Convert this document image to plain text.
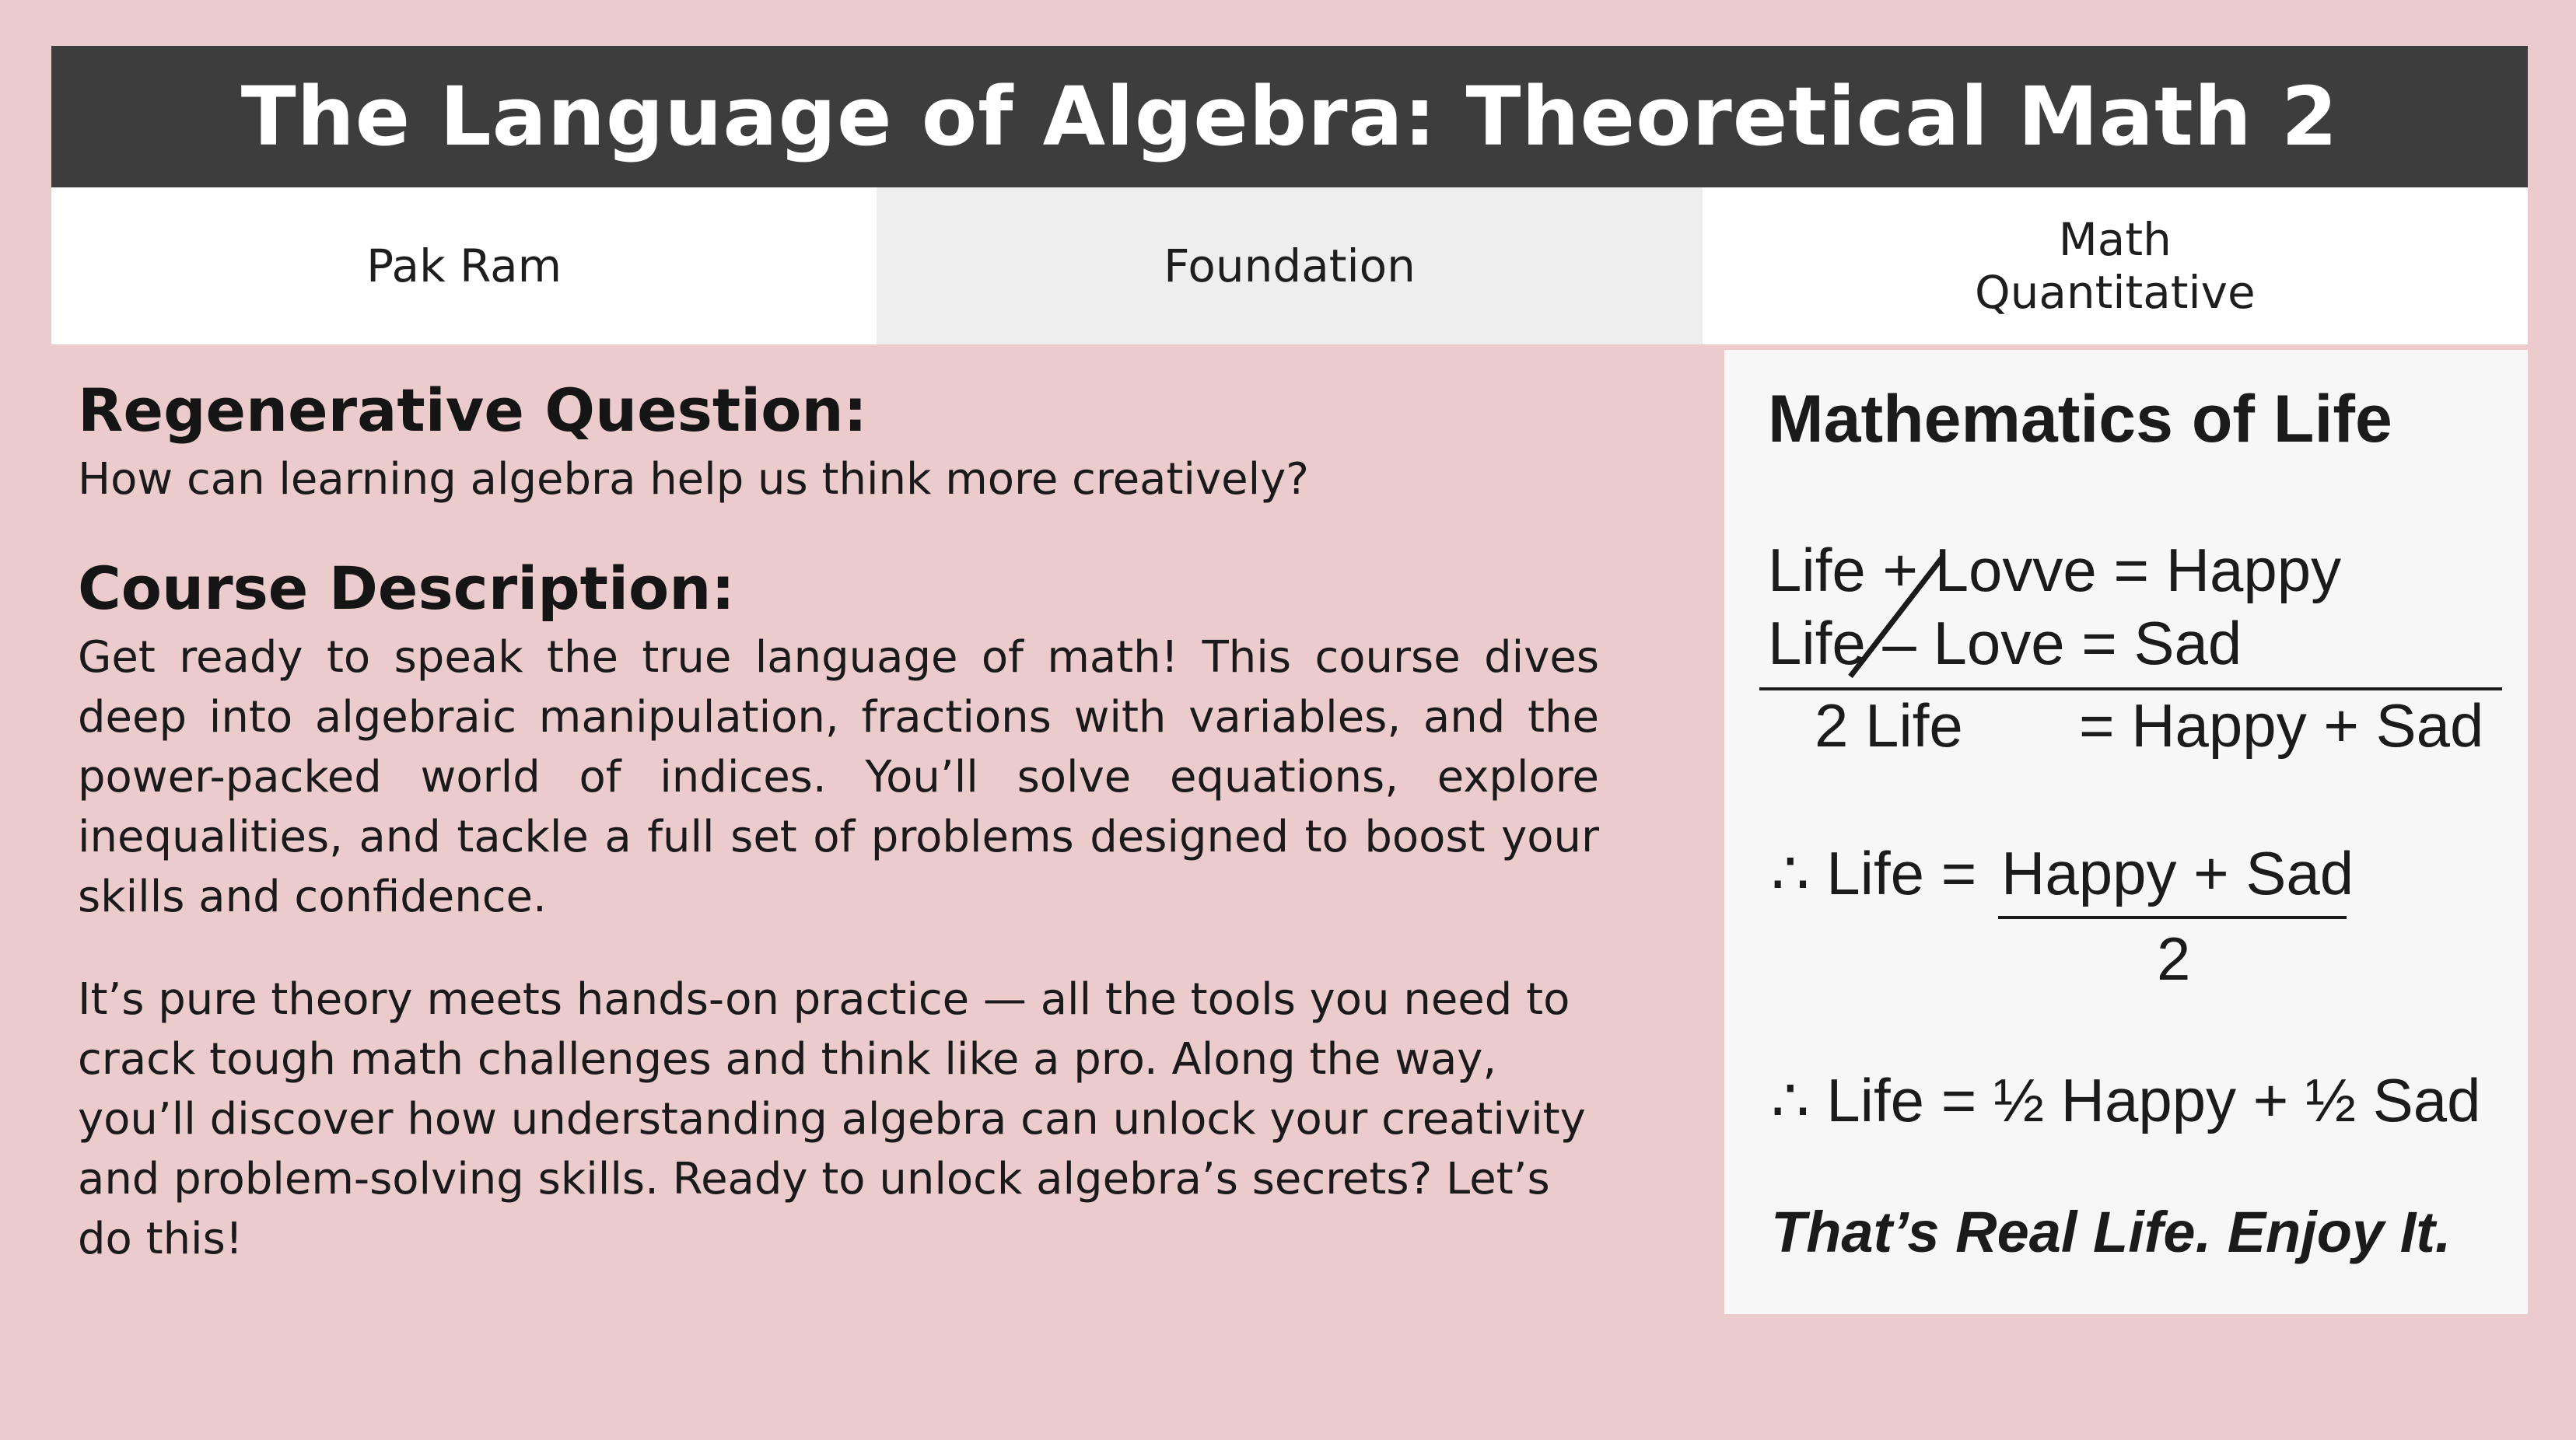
The Language of Algebra: Theoretical Math 2
Pak Ram	Foundation	Math
Quantitative
Regenerative Question:

How can learning algebra help us think more creatively?

Course Description:

Get ready to speak the true language of math! This course dives deep into algebraic manipulation, fractions with variables, and the power-packed world of indices. You’ll solve equations, explore inequalities, and tackle a full set of problems designed to boost your skills and confidence.

It’s pure theory meets hands-on practice — all the tools you need to crack tough math challenges and think like a pro. Along the way, you’ll discover how understanding algebra can unlock your creativity and problem-solving skills. Ready to unlock algebra’s secrets? Let’s do this!

Mathematics of Life
Life + Lovve = Happy
Life – Love = Sad
2 Life = Happy + Sad
∴ Life = Happy + Sad
2
∴ Life = ½ Happy + ½ Sad
That’s Real Life. Enjoy It.
